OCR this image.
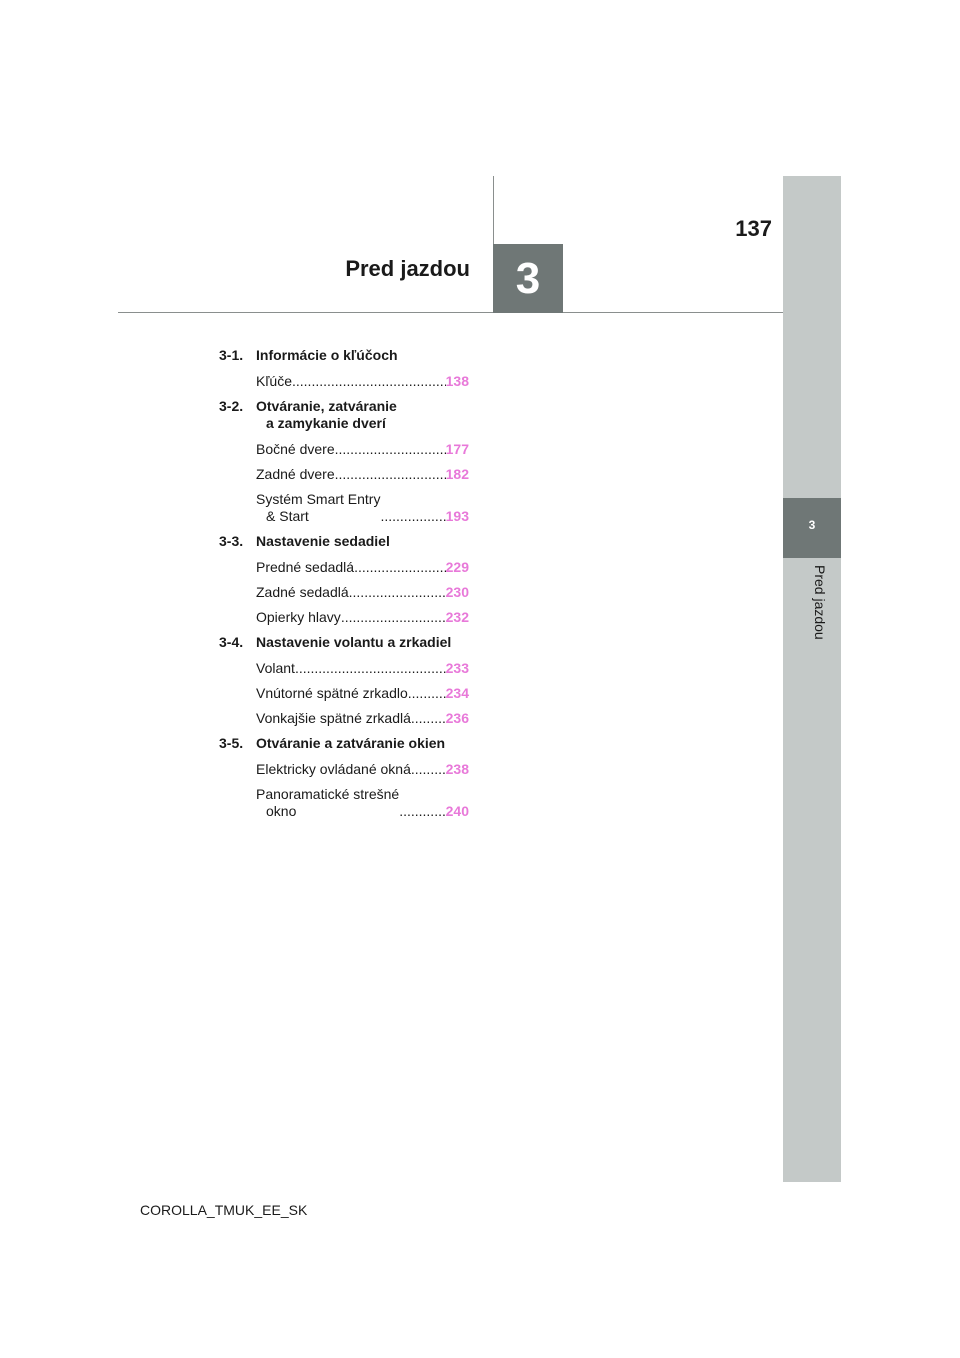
3
Pred jazdou
3
Pred jazdou
137
3-1. Informácie o kľúčoch
Kľúče .....	138
3-2. Otváranie, zatváranie
a zamykanie dverí
Bočné dvere .....	177
Zadné dvere .....	182
Systém Smart Entry
& Start .....	193
3-3. Nastavenie sedadiel
Predné sedadlá .....	229
Zadné sedadlá .....	230
Opierky hlavy .....	232
3-4. Nastavenie volantu a zrkadiel
Volant .....	233
Vnútorné spätné zrkadlo .....	234
Vonkajšie spätné zrkadlá ..... 236
3-5. Otváranie a zatváranie okien
Elektricky ovládané okná ..... 238
Panoramatické strešné
okno .....	240
COROLLA_TMUK_EE_SK
